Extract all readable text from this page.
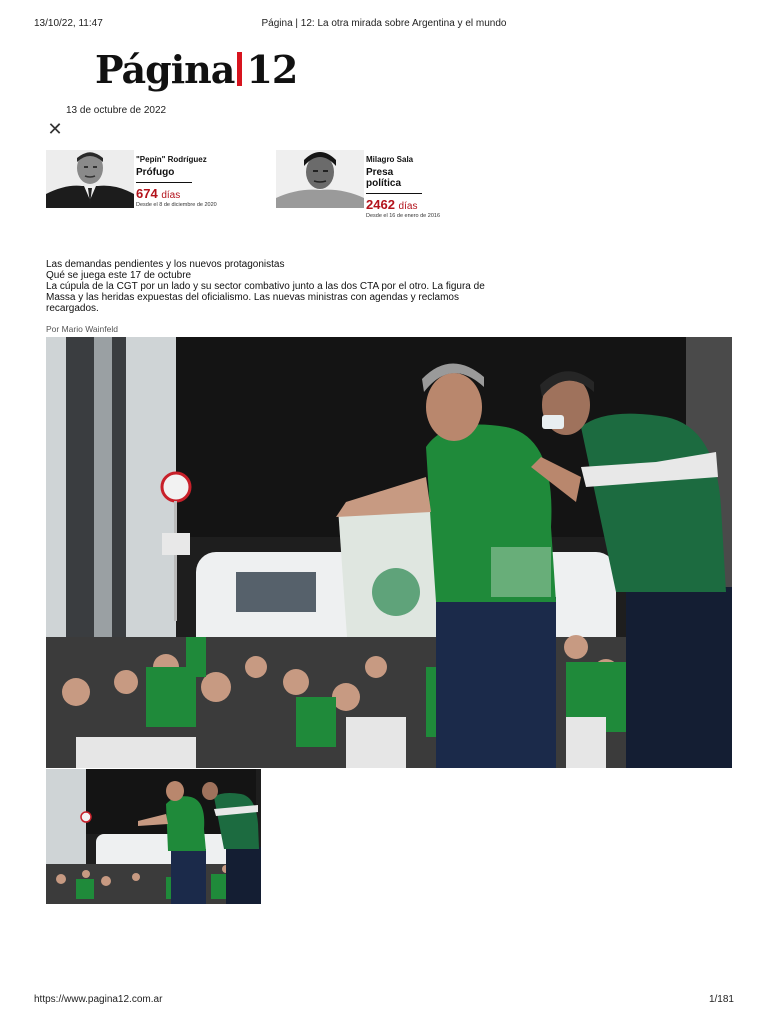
13/10/22, 11:47	Página | 12: La otra mirada sobre Argentina y el mundo
Página 12
13 de octubre de 2022
✕
"Pepín" Rodríguez
Prófugo
674 días
Desde el 8 de diciembre de 2020
Milagro Sala
Presa política
2462 días
Desde el 16 de enero de 2016
Las demandas pendientes y los nuevos protagonistas
Qué se juega este 17 de octubre
La cúpula de la CGT por un lado y su sector combativo junto a las dos CTA por el otro. La figura de Massa y las heridas expuestas del oficialismo. Las nuevas ministras con agendas y reclamos recargados.
Por Mario Wainfeld
https://www.pagina12.com.ar	1/181
